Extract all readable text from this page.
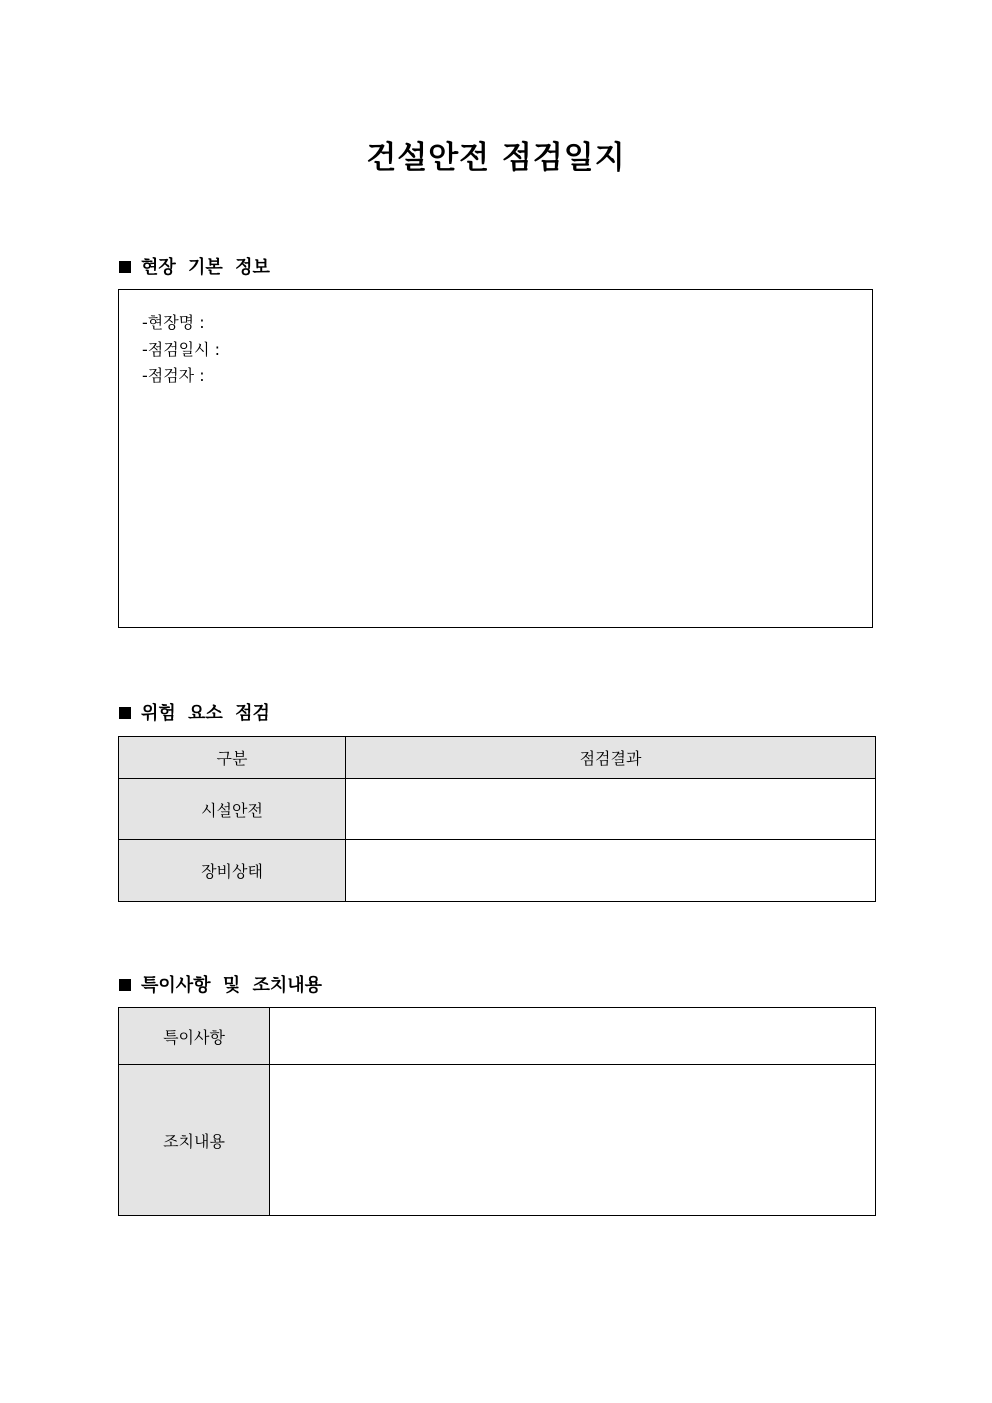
건설안전 점검일지
현장 기본 정보
-현장명 :
-점검일시 :
-점검자 :
위험 요소 점검
구분	점검결과
시설안전	
장비상태	
특이사항 및 조치내용
특이사항	
조치내용	
